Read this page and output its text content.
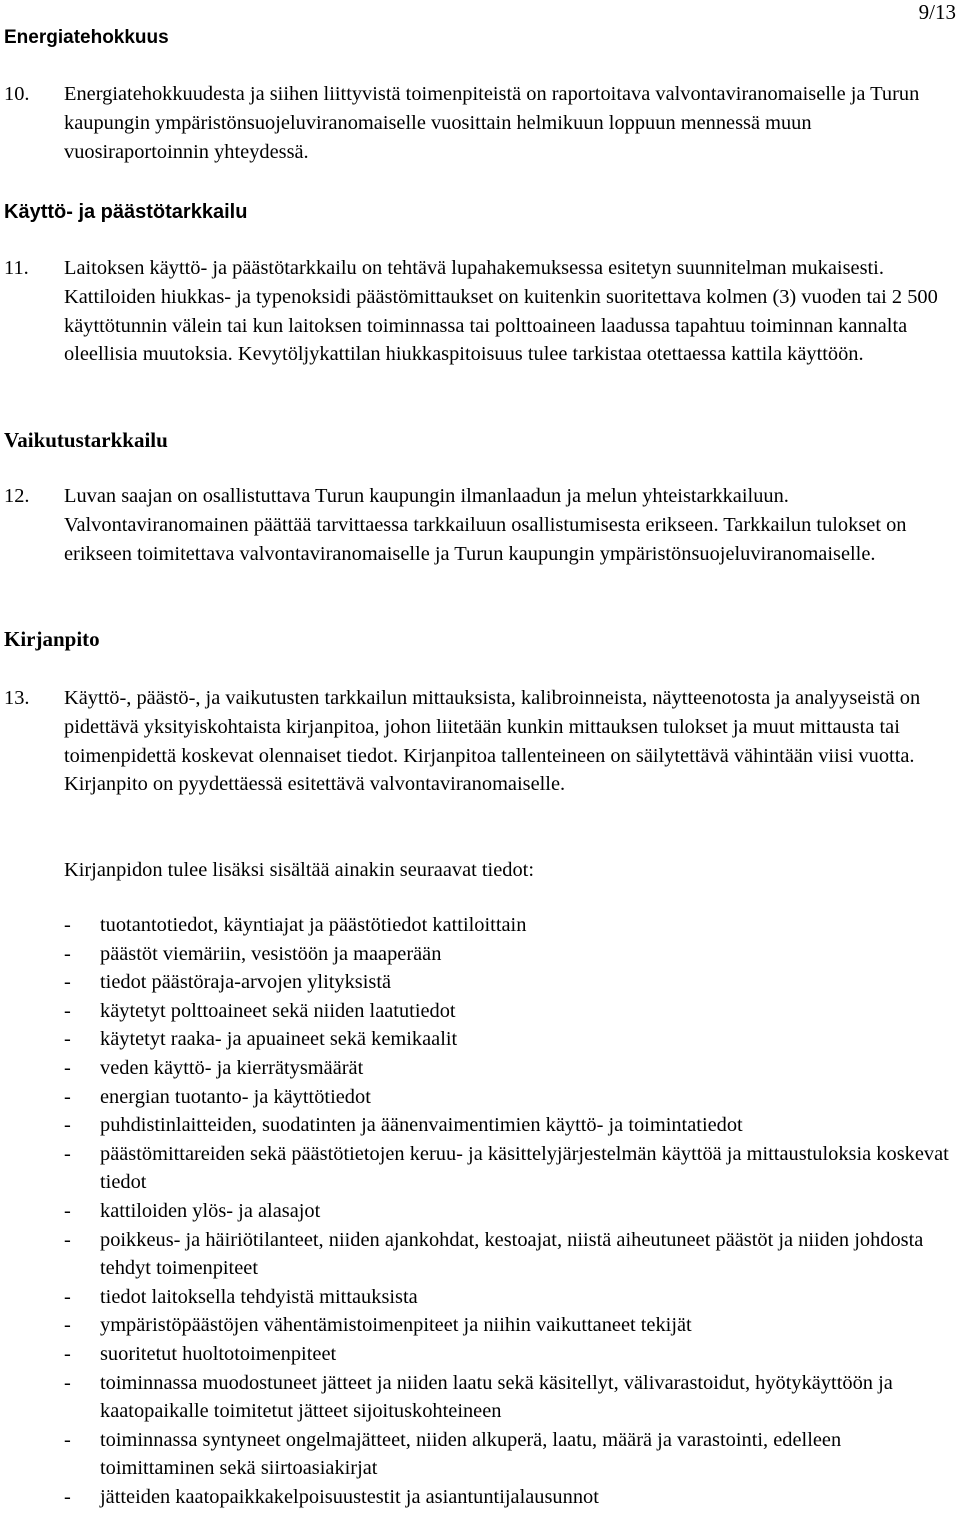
9/13
Energiatehokkuus

10. Energiatehokkuudesta ja siihen liittyvistä toimenpiteistä on raportoitava valvontaviranomaiselle ja Turun kaupungin ympäristönsuojeluviranomaiselle vuosittain helmikuun loppuun mennessä muun vuosiraportoinnin yhteydessä.

Käyttö- ja päästötarkkailu

11. Laitoksen käyttö- ja päästötarkkailu on tehtävä lupahakemuksessa esitetyn suunnitelman mukaisesti. Kattiloiden hiukkas- ja typenoksidi päästömittaukset on kuitenkin suoritettava kolmen (3) vuoden tai 2 500 käyttötunnin välein tai kun laitoksen toiminnassa tai polttoaineen laadussa tapahtuu toiminnan kannalta oleellisia muutoksia. Kevytöljykattilan hiukkaspitoisuus tulee tarkistaa otettaessa kattila käyttöön.

Vaikutustarkkailu

12. Luvan saajan on osallistuttava Turun kaupungin ilmanlaadun ja melun yhteistarkkailuun. Valvontaviranomainen päättää tarvittaessa tarkkailuun osallistumisesta erikseen. Tarkkailun tulokset on erikseen toimitettava valvontaviranomaiselle ja Turun kaupungin ympäristönsuojeluviranomaiselle.

Kirjanpito

13. Käyttö-, päästö-, ja vaikutusten tarkkailun mittauksista, kalibroinneista, näytteenotosta ja analyyseistä on pidettävä yksityiskohtaista kirjanpitoa, johon liitetään kunkin mittauksen tulokset ja muut mittausta tai toimenpidettä koskevat olennaiset tiedot. Kirjanpitoa tallenteineen on säilytettävä vähintään viisi vuotta. Kirjanpito on pyydettäessä esitettävä valvontaviranomaiselle.

Kirjanpidon tulee lisäksi sisältää ainakin seuraavat tiedot:

- tuotantotiedot, käyntiajat ja päästötiedot kattiloittain
- päästöt viemäriin, vesistöön ja maaperään
- tiedot päästöraja-arvojen ylityksistä
- käytetyt polttoaineet sekä niiden laatutiedot
- käytetyt raaka- ja apuaineet sekä kemikaalit
- veden käyttö- ja kierrätysmäärät
- energian tuotanto- ja käyttötiedot
- puhdistinlaitteiden, suodatinten ja äänenvaimentimien käyttö- ja toimintatiedot
- päästömittareiden sekä päästötietojen keruu- ja käsittelyjärjestelmän käyttöä ja mittaustuloksia koskevat tiedot
- kattiloiden ylös- ja alasajot
- poikkeus- ja häiriötilanteet, niiden ajankohdat, kestoajat, niistä aiheutuneet päästöt ja niiden johdosta tehdyt toimenpiteet
- tiedot laitoksella tehdyistä mittauksista
- ympäristöpäästöjen vähentämistoimenpiteet ja niihin vaikuttaneet tekijät
- suoritetut huoltotoimenpiteet
- toiminnassa muodostuneet jätteet ja niiden laatu sekä käsitellyt, välivarastoidut, hyötykäyttöön ja kaatopaikalle toimitetut jätteet sijoituskohteineen
- toiminnassa syntyneet ongelmajätteet, niiden alkuperä, laatu, määrä ja varastointi, edelleen toimittaminen sekä siirtoasiakirjat
- jätteiden kaatopaikkakelpoisuustestit ja asiantuntijalausunnot
